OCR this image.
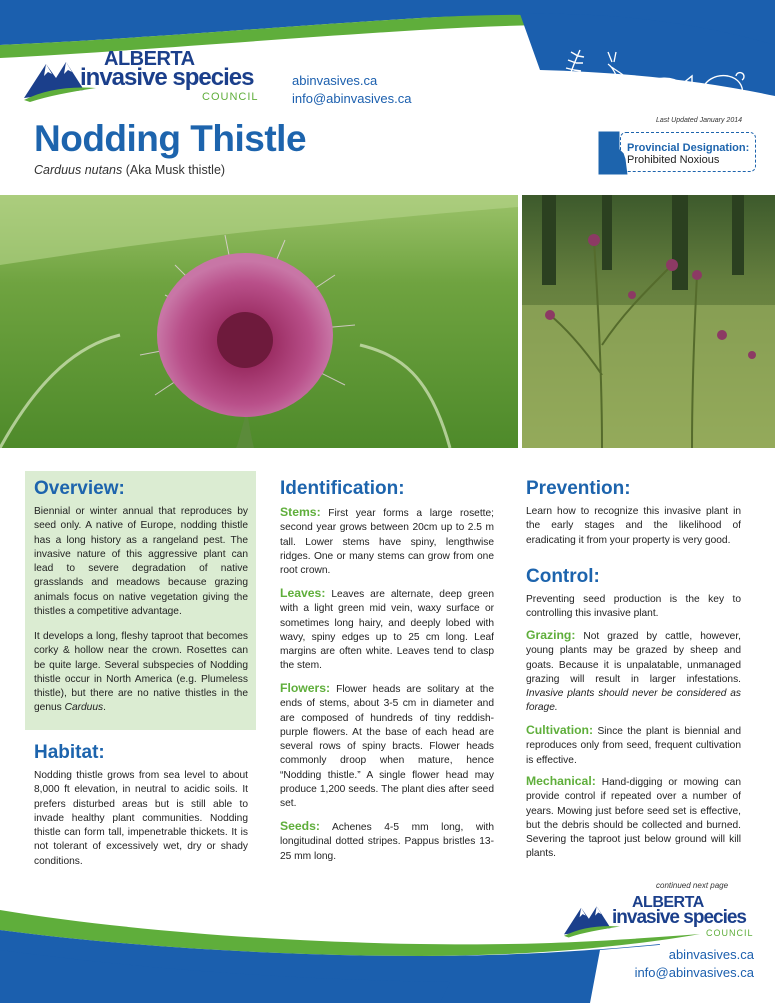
ALBERTA
invasive species
COUNCIL
abinvasives.ca
info@abinvasives.ca
Last Updated January 2014
Nodding Thistle
Carduus nutans (Aka Musk thistle)
Provincial Designation:
Prohibited Noxious
Overview:
Biennial or winter annual that reproduces by seed only. A native of Europe, nodding thistle has a long history as a rangeland pest. The invasive nature of this aggressive plant can lead to severe degradation of native grasslands and meadows because grazing animals focus on native vegetation giving the thistles a competitive advantage.
It develops a long, fleshy taproot that becomes corky & hollow near the crown. Rosettes can be quite large. Several subspecies of Nodding thistle occur in North America (e.g. Plumeless thistle), but there are no native thistles in the genus Carduus.
Habitat:
Nodding thistle grows from sea level to about 8,000 ft elevation, in neutral to acidic soils. It prefers disturbed areas but is still able to invade healthy plant communities. Nodding thistle can form tall, impenetrable thickets. It is not tolerant of excessively wet, dry or shady conditions.
Identification:
Stems: First year forms a large rosette; second year grows between 20cm up to 2.5 m tall. Lower stems have spiny, lengthwise ridges. One or many stems can grow from one root crown.
Leaves: Leaves are alternate, deep green with a light green mid vein, waxy surface or sometimes long hairy, and deeply lobed with wavy, spiny edges up to 25 cm long. Leaf margins are often white. Leaves tend to clasp the stem.
Flowers: Flower heads are solitary at the ends of stems, about 3-5 cm in diameter and are composed of hundreds of tiny reddish-purple flowers. At the base of each head are several rows of spiny bracts. Flower heads commonly droop when mature, hence “Nodding thistle.” A single flower head may produce 1,200 seeds. The plant dies after seed set.
Seeds: Achenes 4-5 mm long, with longitudinal dotted stripes. Pappus bristles 13-25 mm long.
Prevention:
Learn how to recognize this invasive plant in the early stages and the likelihood of eradicating it from your property is very good.
Control:
Preventing seed production is the key to controlling this invasive plant.
Grazing: Not grazed by cattle, however, young plants may be grazed by sheep and goats. Because it is unpalatable, unmanaged grazing will result in larger infestations. Invasive plants should never be considered as forage.
Cultivation: Since the plant is biennial and reproduces only from seed, frequent cultivation is effective.
Mechanical: Hand-digging or mowing can provide control if repeated over a number of years. Mowing just before seed set is effective, but the debris should be collected and burned. Severing the taproot just below ground will kill plants.
continued next page
ALBERTA
invasive species
COUNCIL
abinvasives.ca
info@abinvasives.ca
